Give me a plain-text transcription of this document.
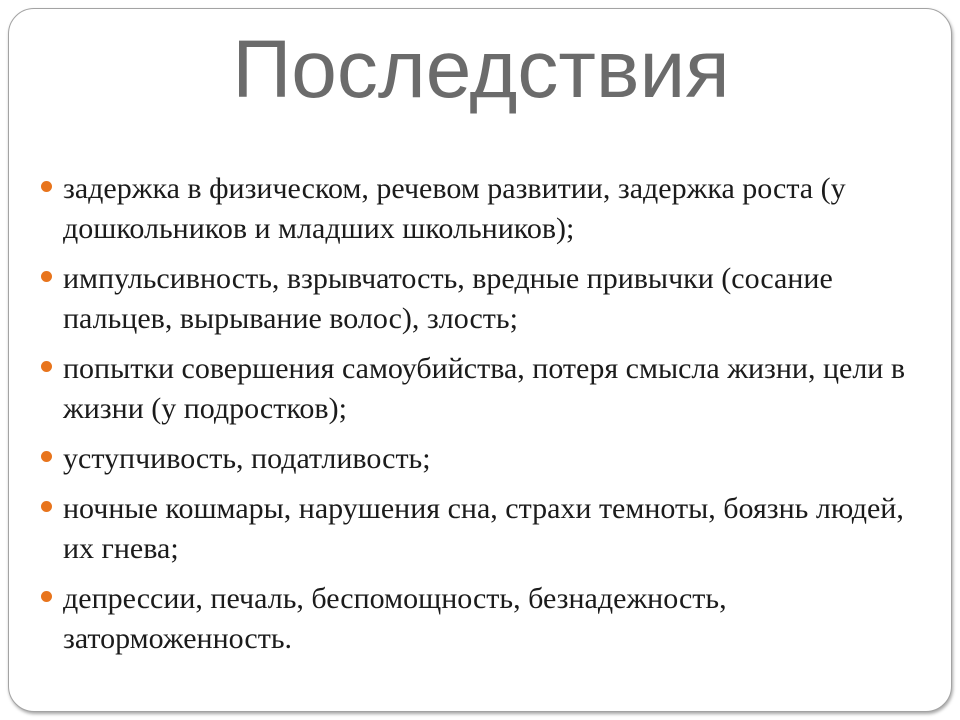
Последствия
задержка в физическом, речевом развитии, задержка роста (у дошкольников и младших школьников);
импульсивность, взрывчатость, вредные привычки (сосание пальцев, вырывание волос), злость;
попытки совершения самоубийства, потеря смысла жизни, цели в жизни (у подростков);
уступчивость, податливость;
ночные кошмары, нарушения сна, страхи темноты, боязнь людей, их гнева;
депрессии, печаль, беспомощность, безнадежность, заторможенность.
